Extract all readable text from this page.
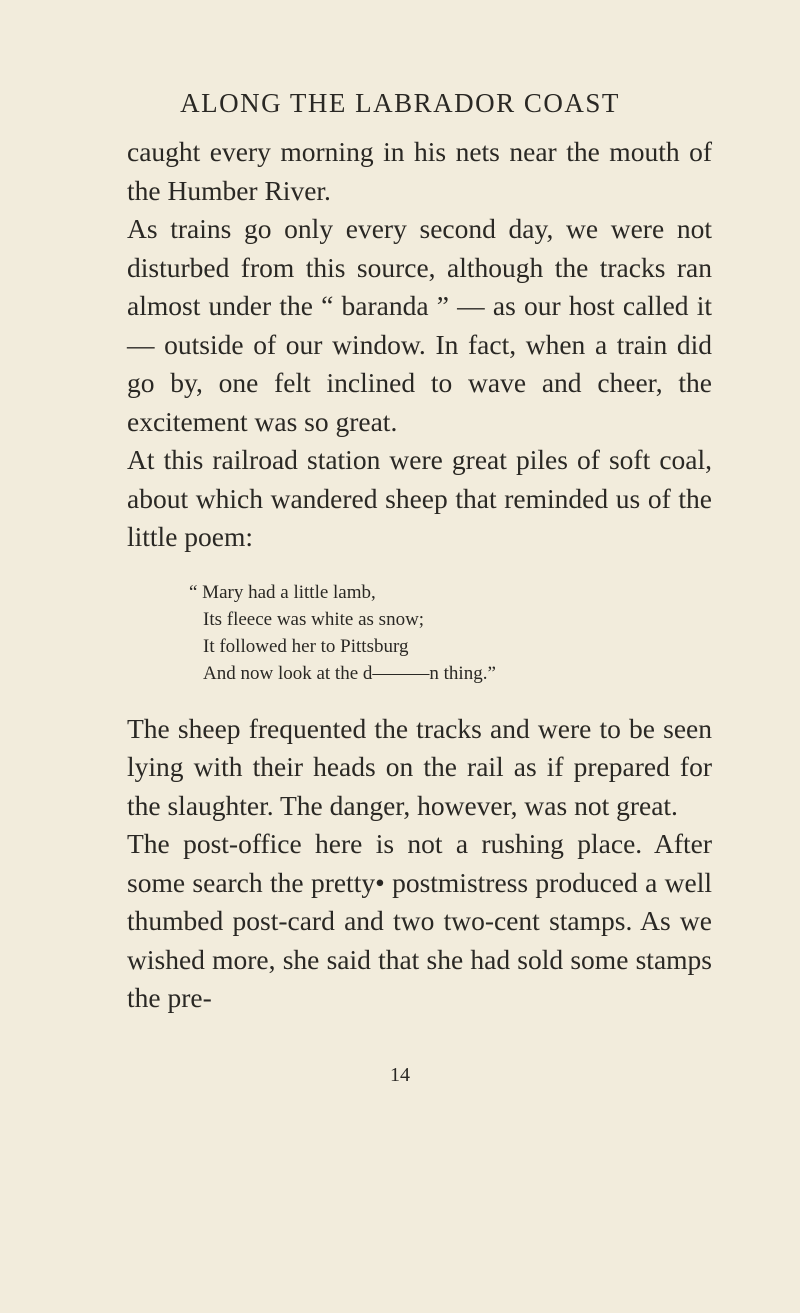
ALONG THE LABRADOR COAST

caught every morning in his nets near the mouth of the Humber River.

As trains go only every second day, we were not disturbed from this source, although the tracks ran almost under the “ baranda ” — as our host called it — outside of our window. In fact, when a train did go by, one felt inclined to wave and cheer, the excitement was so great.

At this railroad station were great piles of soft coal, about which wandered sheep that reminded us of the little poem:

“ Mary had a little lamb,
Its fleece was white as snow;
It followed her to Pittsburg
And now look at the d———n thing.”

The sheep frequented the tracks and were to be seen lying with their heads on the rail as if prepared for the slaughter. The danger, however, was not great.

The post-office here is not a rushing place. After some search the pretty• postmistress produced a well thumbed post-card and two two-cent stamps. As we wished more, she said that she had sold some stamps the pre-

14
